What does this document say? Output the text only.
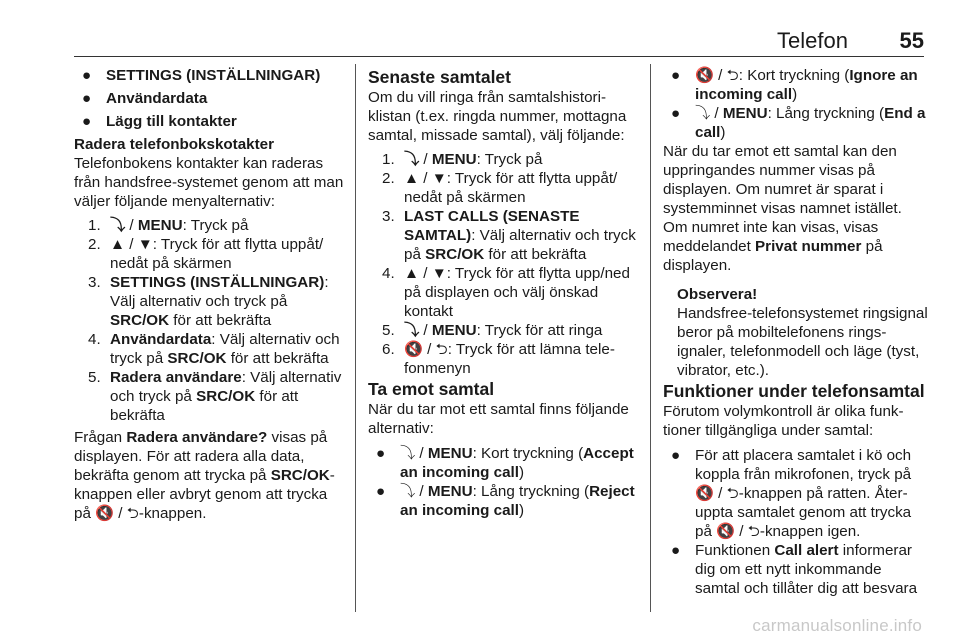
Telefon 55

● SETTINGS (INSTÄLLNINGAR)

● Användardata

● Lägg till kontakter

Radera telefonbokskotakter

Telefonbokens kontakter kan raderas från handsfree-systemet genom att man väljer följande menyalternativ:

1. ⤵ / MENU: Tryck på

2. ▲ / ▼: Tryck för att flytta uppåt/ nedåt på skärmen

3. SETTINGS (INSTÄLLNINGAR): Välj alternativ och tryck på SRC/OK för att bekräfta

4. Användardata: Välj alternativ och tryck på SRC/OK för att bekräfta

5. Radera användare: Välj alternativ och tryck på SRC/OK för att bekräfta

Frågan Radera användare? visas på displayen. För att radera alla data, bekräfta genom att trycka på SRC/OK-knappen eller avbryt genom att trycka på 🔇 / ⮌-knappen.

Senaste samtalet

Om du vill ringa från samtalshistoriklistan (t.ex. ringda nummer, mottagna samtal, missade samtal), välj följande:

1. ⤵ / MENU: Tryck på

2. ▲ / ▼: Tryck för att flytta uppåt/ nedåt på skärmen

3. LAST CALLS (SENASTE SAMTAL): Välj alternativ och tryck på SRC/OK för att bekräfta

4. ▲ / ▼: Tryck för att flytta upp/ned på displayen och välj önskad kontakt

5. ⤵ / MENU: Tryck för att ringa

6. 🔇 / ⮌: Tryck för att lämna telefonmenyn

Ta emot samtal

När du tar mot ett samtal finns följande alternativ:

● ⤵ / MENU: Kort tryckning (Accept an incoming call)

● ⤵ / MENU: Lång tryckning (Reject an incoming call)

● 🔇 / ⮌: Kort tryckning (Ignore an incoming call)

● ⤵ / MENU: Lång tryckning (End a call)

När du tar emot ett samtal kan den uppringandes nummer visas på displayen. Om numret är sparat i systemminnet visas namnet istället. Om numret inte kan visas, visas meddelandet Privat nummer på displayen.

Observera!

Handsfree-telefonsystemet ringsignal beror på mobiltelefonens ringsignaler, telefonmodell och läge (tyst, vibrator, etc.).

Funktioner under telefonsamtal

Förutom volymkontroll är olika funktioner tillgängliga under samtal:

● För att placera samtalet i kö och koppla från mikrofonen, tryck på 🔇 / ⮌-knappen på ratten. Återuppta samtalet genom att trycka på 🔇 / ⮌-knappen igen.

● Funktionen Call alert informerar dig om ett nytt inkommande samtal och tillåter dig att besvara

carmanualsonline.info
